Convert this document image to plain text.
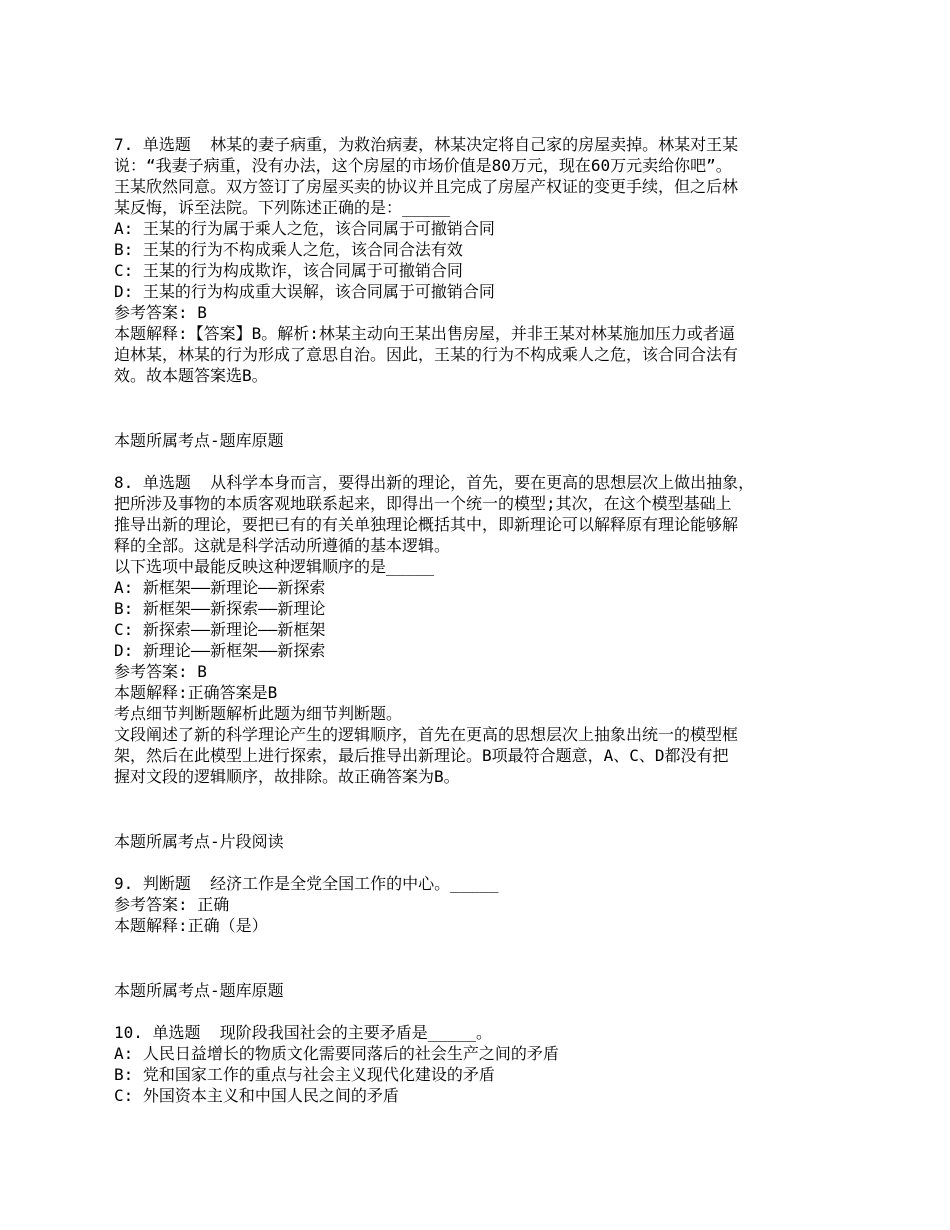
7. 单选题  林某的妻子病重，为救治病妻，林某决定将自己家的房屋卖掉。林某对王某
说：“我妻子病重，没有办法，这个房屋的市场价值是80万元，现在60万元卖给你吧”。
王某欣然同意。双方签订了房屋买卖的协议并且完成了房屋产权证的变更手续，但之后林
某反悔，诉至法院。下列陈述正确的是：_____
A: 王某的行为属于乘人之危，该合同属于可撤销合同
B: 王某的行为不构成乘人之危，该合同合法有效
C: 王某的行为构成欺诈，该合同属于可撤销合同
D: 王某的行为构成重大误解，该合同属于可撤销合同
参考答案: B
本题解释:【答案】B。解析:林某主动向王某出售房屋，并非王某对林某施加压力或者逼
迫林某，林某的行为形成了意思自治。因此，王某的行为不构成乘人之危，该合同合法有
效。故本题答案选B。
本题所属考点-题库原题
8. 单选题  从科学本身而言，要得出新的理论，首先，要在更高的思想层次上做出抽象，
把所涉及事物的本质客观地联系起来，即得出一个统一的模型;其次，在这个模型基础上
推导出新的理论，要把已有的有关单独理论概括其中，即新理论可以解释原有理论能够解
释的全部。这就是科学活动所遵循的基本逻辑。
以下选项中最能反映这种逻辑顺序的是_____
A: 新框架——新理论——新探索
B: 新框架——新探索——新理论
C: 新探索——新理论——新框架
D: 新理论——新框架——新探索
参考答案: B
本题解释:正确答案是B
考点细节判断题解析此题为细节判断题。
文段阐述了新的科学理论产生的逻辑顺序，首先在更高的思想层次上抽象出统一的模型框
架，然后在此模型上进行探索，最后推导出新理论。B项最符合题意，A、C、D都没有把
握对文段的逻辑顺序，故排除。故正确答案为B。
本题所属考点-片段阅读
9. 判断题  经济工作是全党全国工作的中心。_____
参考答案: 正确
本题解释:正确（是）
本题所属考点-题库原题
10. 单选题  现阶段我国社会的主要矛盾是_____。
A: 人民日益增长的物质文化需要同落后的社会生产之间的矛盾
B: 党和国家工作的重点与社会主义现代化建设的矛盾
C: 外国资本主义和中国人民之间的矛盾
